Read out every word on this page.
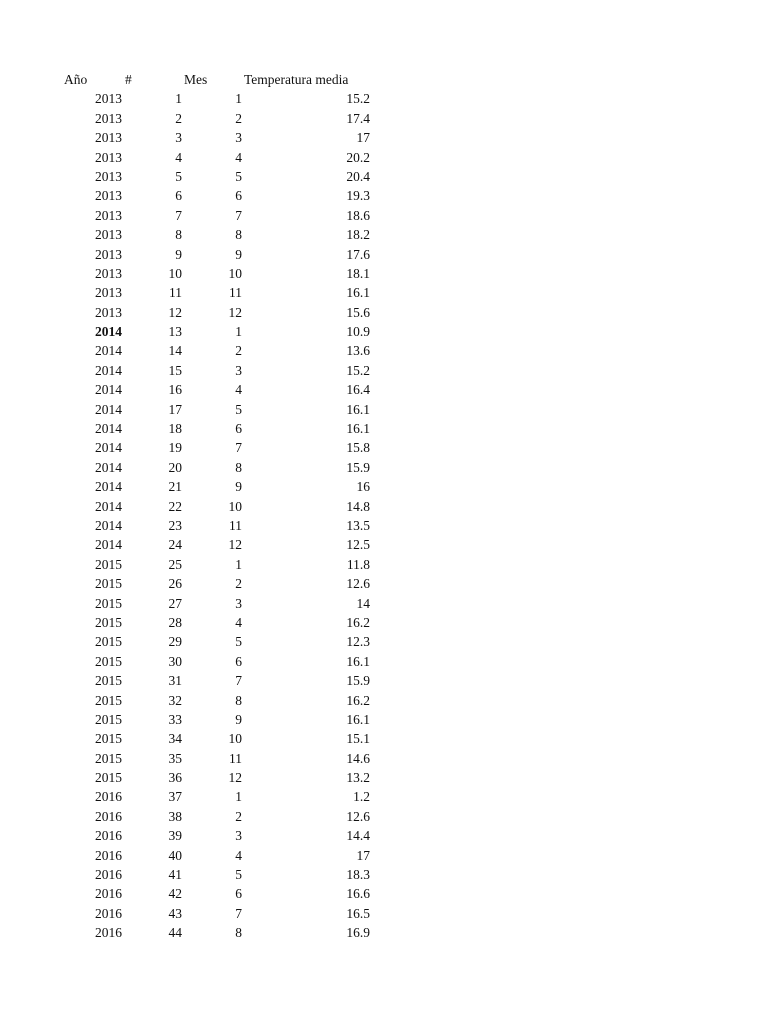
Año	#	Mes	Temperatura media
2013	1	1	15.2
2013	2	2	17.4
2013	3	3	17
2013	4	4	20.2
2013	5	5	20.4
2013	6	6	19.3
2013	7	7	18.6
2013	8	8	18.2
2013	9	9	17.6
2013	10	10	18.1
2013	11	11	16.1
2013	12	12	15.6
2014	13	1	10.9
2014	14	2	13.6
2014	15	3	15.2
2014	16	4	16.4
2014	17	5	16.1
2014	18	6	16.1
2014	19	7	15.8
2014	20	8	15.9
2014	21	9	16
2014	22	10	14.8
2014	23	11	13.5
2014	24	12	12.5
2015	25	1	11.8
2015	26	2	12.6
2015	27	3	14
2015	28	4	16.2
2015	29	5	12.3
2015	30	6	16.1
2015	31	7	15.9
2015	32	8	16.2
2015	33	9	16.1
2015	34	10	15.1
2015	35	11	14.6
2015	36	12	13.2
2016	37	1	1.2
2016	38	2	12.6
2016	39	3	14.4
2016	40	4	17
2016	41	5	18.3
2016	42	6	16.6
2016	43	7	16.5
2016	44	8	16.9
